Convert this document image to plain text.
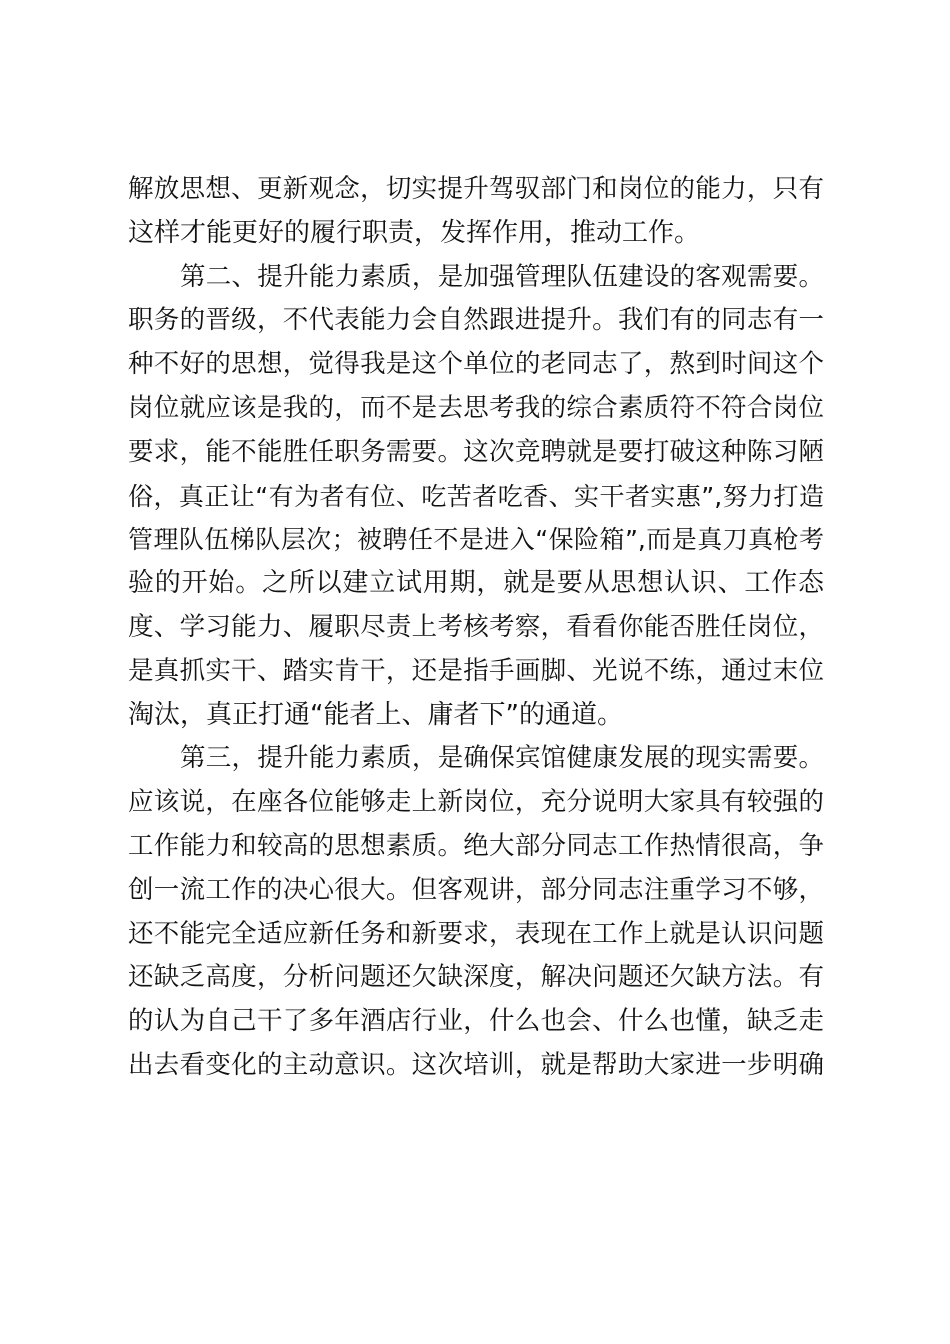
解放思想、更新观念，切实提升驾驭部门和岗位的能力，只有
这样才能更好的履行职责，发挥作用，推动工作。
第二、提升能力素质，是加强管理队伍建设的客观需要。
职务的晋级，不代表能力会自然跟进提升。我们有的同志有一
种不好的思想，觉得我是这个单位的老同志了，熬到时间这个
岗位就应该是我的，而不是去思考我的综合素质符不符合岗位
要求，能不能胜任职务需要。这次竞聘就是要打破这种陈习陋
俗，真正让“有为者有位、吃苦者吃香、实干者实惠”,努力打造
管理队伍梯队层次；被聘任不是进入“保险箱”,而是真刀真枪考
验的开始。之所以建立试用期，就是要从思想认识、工作态
度、学习能力、履职尽责上考核考察，看看你能否胜任岗位，
是真抓实干、踏实肯干，还是指手画脚、光说不练，通过末位
淘汰，真正打通“能者上、庸者下”的通道。
第三，提升能力素质，是确保宾馆健康发展的现实需要。
应该说，在座各位能够走上新岗位，充分说明大家具有较强的
工作能力和较高的思想素质。绝大部分同志工作热情很高，争
创一流工作的决心很大。但客观讲，部分同志注重学习不够，
还不能完全适应新任务和新要求，表现在工作上就是认识问题
还缺乏高度，分析问题还欠缺深度，解决问题还欠缺方法。有
的认为自己干了多年酒店行业，什么也会、什么也懂，缺乏走
出去看变化的主动意识。这次培训，就是帮助大家进一步明确
